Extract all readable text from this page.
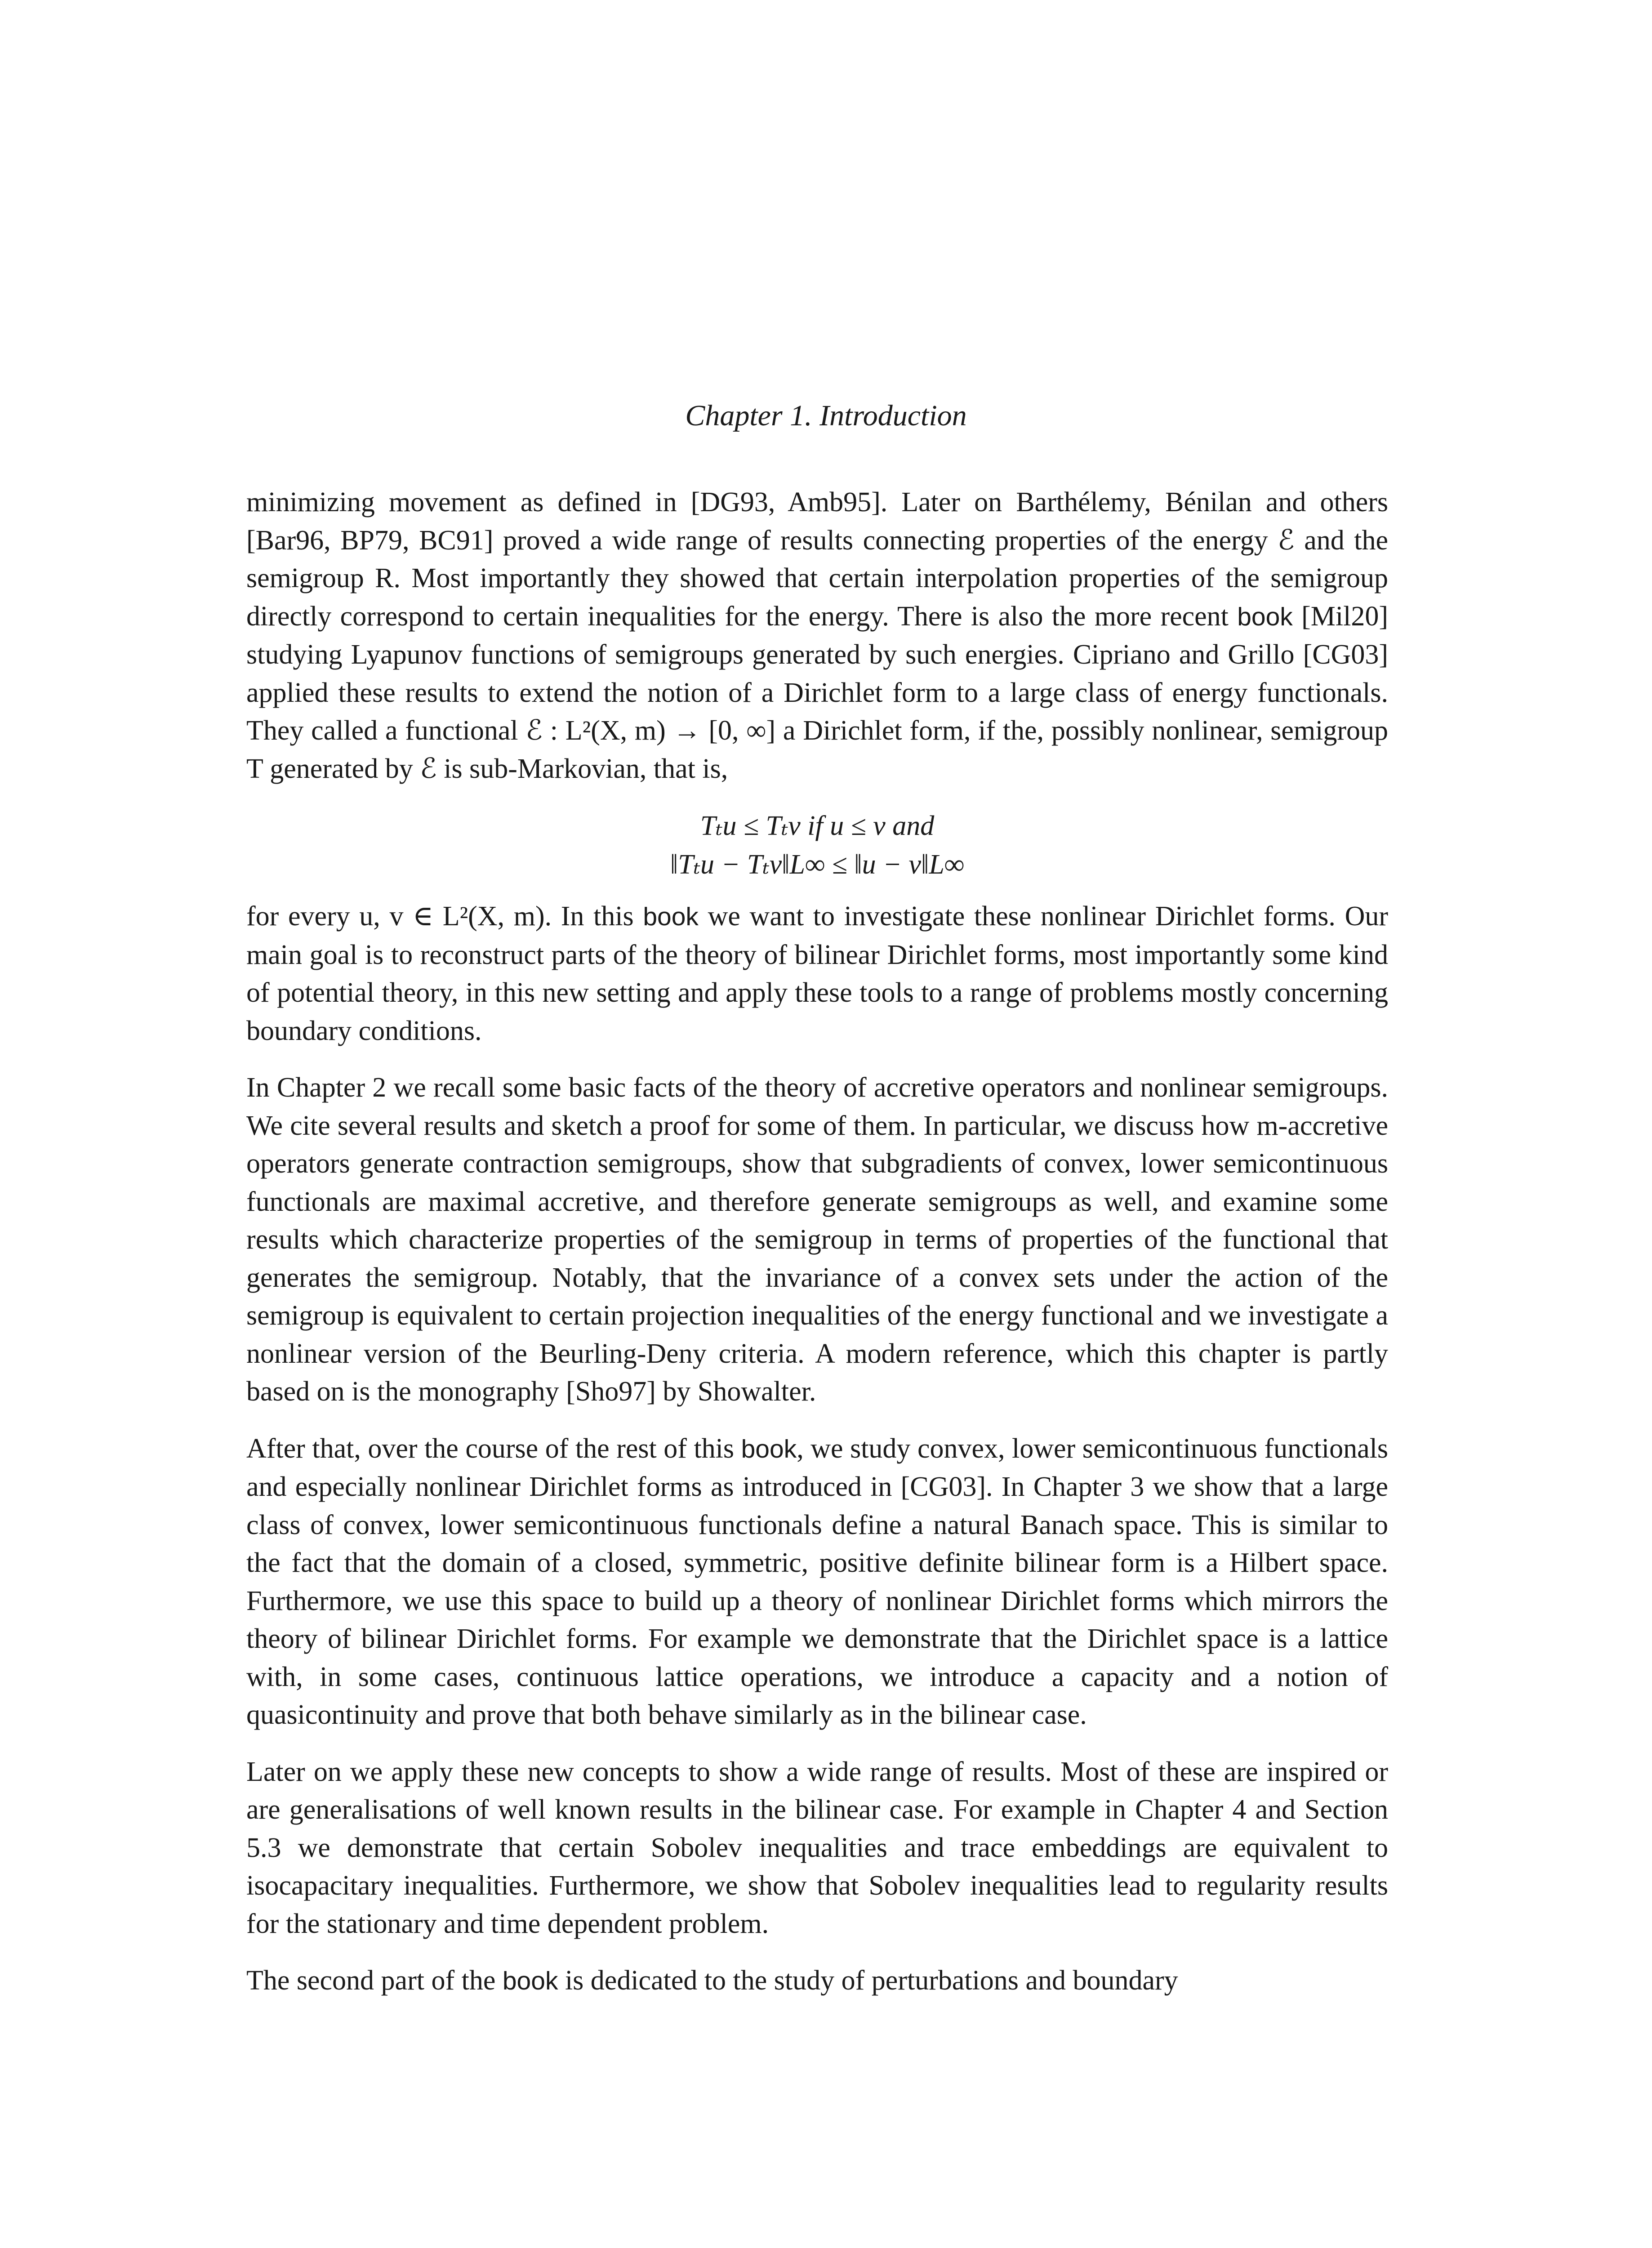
Chapter 1. Introduction

minimizing movement as defined in [DG93, Amb95]. Later on Barthélemy, Bénilan and others [Bar96, BP79, BC91] proved a wide range of results connecting properties of the energy ℰ and the semigroup R. Most importantly they showed that certain interpolation properties of the semigroup directly correspond to certain inequalities for the energy. There is also the more recent book [Mil20] studying Lyapunov functions of semigroups generated by such energies. Cipriano and Grillo [CG03] applied these results to extend the notion of a Dirichlet form to a large class of energy functionals. They called a functional ℰ : L²(X, m) → [0, ∞] a Dirichlet form, if the, possibly nonlinear, semigroup T generated by ℰ is sub-Markovian, that is,

Tₜu ≤ Tₜv if u ≤ v and
‖Tₜu − Tₜv‖L∞ ≤ ‖u − v‖L∞

for every u, v ∈ L²(X, m). In this book we want to investigate these nonlinear Dirichlet forms. Our main goal is to reconstruct parts of the theory of bilinear Dirichlet forms, most importantly some kind of potential theory, in this new setting and apply these tools to a range of problems mostly concerning boundary conditions.

In Chapter 2 we recall some basic facts of the theory of accretive operators and nonlinear semigroups. We cite several results and sketch a proof for some of them. In particular, we discuss how m-accretive operators generate contraction semigroups, show that subgradients of convex, lower semicontinuous functionals are maximal accretive, and therefore generate semigroups as well, and examine some results which characterize properties of the semigroup in terms of properties of the functional that generates the semigroup. Notably, that the invariance of a convex sets under the action of the semigroup is equivalent to certain projection inequalities of the energy functional and we investigate a nonlinear version of the Beurling-Deny criteria. A modern reference, which this chapter is partly based on is the monography [Sho97] by Showalter.

After that, over the course of the rest of this book, we study convex, lower semicontinuous functionals and especially nonlinear Dirichlet forms as introduced in [CG03]. In Chapter 3 we show that a large class of convex, lower semicontinuous functionals define a natural Banach space. This is similar to the fact that the domain of a closed, symmetric, positive definite bilinear form is a Hilbert space. Furthermore, we use this space to build up a theory of nonlinear Dirichlet forms which mirrors the theory of bilinear Dirichlet forms. For example we demonstrate that the Dirichlet space is a lattice with, in some cases, continuous lattice operations, we introduce a capacity and a notion of quasicontinuity and prove that both behave similarly as in the bilinear case.

Later on we apply these new concepts to show a wide range of results. Most of these are inspired or are generalisations of well known results in the bilinear case. For example in Chapter 4 and Section 5.3 we demonstrate that certain Sobolev inequalities and trace embeddings are equivalent to isocapacitary inequalities. Furthermore, we show that Sobolev inequalities lead to regularity results for the stationary and time dependent problem.

The second part of the book is dedicated to the study of perturbations and boundary
